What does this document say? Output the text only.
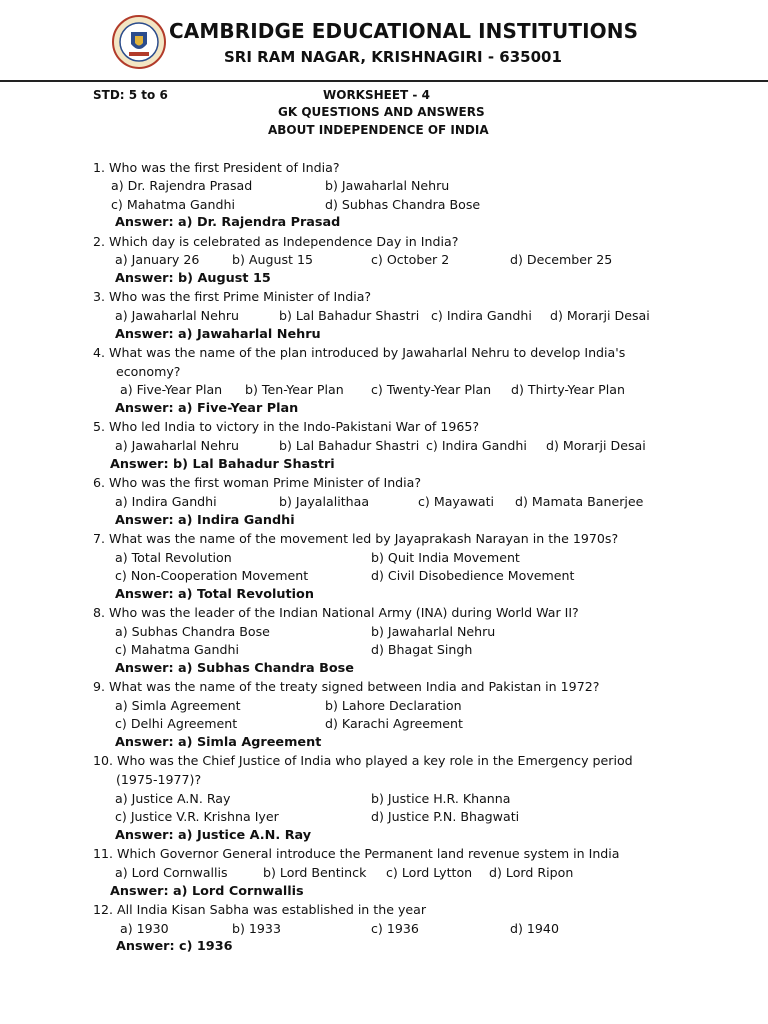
CAMBRIDGE EDUCATIONAL INSTITUTIONS
SRI RAM NAGAR, KRISHNAGIRI - 635001
STD: 5 to 6	WORKSHEET - 4
GK QUESTIONS AND ANSWERS
ABOUT INDEPENDENCE OF INDIA
1. Who was the first President of India?
a) Dr. Rajendra Prasad	b) Jawaharlal Nehru
c) Mahatma Gandhi	d) Subhas Chandra Bose
Answer: a) Dr. Rajendra Prasad
2. Which day is celebrated as Independence Day in India?
a) January 26	b) August 15	c) October 2	d) December 25
Answer: b) August 15
3. Who was the first Prime Minister of India?
a) Jawaharlal Nehru	b) Lal Bahadur Shastri c) Indira Gandhi d) Morarji Desai
Answer: a) Jawaharlal Nehru
4. What was the name of the plan introduced by Jawaharlal Nehru to develop India's
economy?
a) Five-Year Plan b) Ten-Year Plan c) Twenty-Year Plan d) Thirty-Year Plan
Answer: a) Five-Year Plan
5. Who led India to victory in the Indo-Pakistani War of 1965?
a) Jawaharlal Nehru	b) Lal Bahadur Shastri c) Indira Gandhi d) Morarji Desai
Answer: b) Lal Bahadur Shastri
6. Who was the first woman Prime Minister of India?
a) Indira Gandhi	b) Jayalalithaa	c) Mayawati d) Mamata Banerjee
Answer: a) Indira Gandhi
7. What was the name of the movement led by Jayaprakash Narayan in the 1970s?
a) Total Revolution	b) Quit India Movement
c) Non-Cooperation Movement	d) Civil Disobedience Movement
Answer: a) Total Revolution
8. Who was the leader of the Indian National Army (INA) during World War II?
a) Subhas Chandra Bose	b) Jawaharlal Nehru
c) Mahatma Gandhi	d) Bhagat Singh
Answer: a) Subhas Chandra Bose
9. What was the name of the treaty signed between India and Pakistan in 1972?
a) Simla Agreement	b) Lahore Declaration
c) Delhi Agreement	d) Karachi Agreement
Answer: a) Simla Agreement
10. Who was the Chief Justice of India who played a key role in the Emergency period
(1975-1977)?
a) Justice A.N. Ray	b) Justice H.R. Khanna
c) Justice V.R. Krishna Iyer	d) Justice P.N. Bhagwati
Answer: a) Justice A.N. Ray
11. Which Governor General introduce the Permanent land revenue system in India
a) Lord Cornwallis	b) Lord Bentinck c) Lord Lytton d) Lord Ripon
Answer: a) Lord Cornwallis
12. All India Kisan Sabha was established in the year
a) 1930	b) 1933	c) 1936	d) 1940
Answer: c) 1936
